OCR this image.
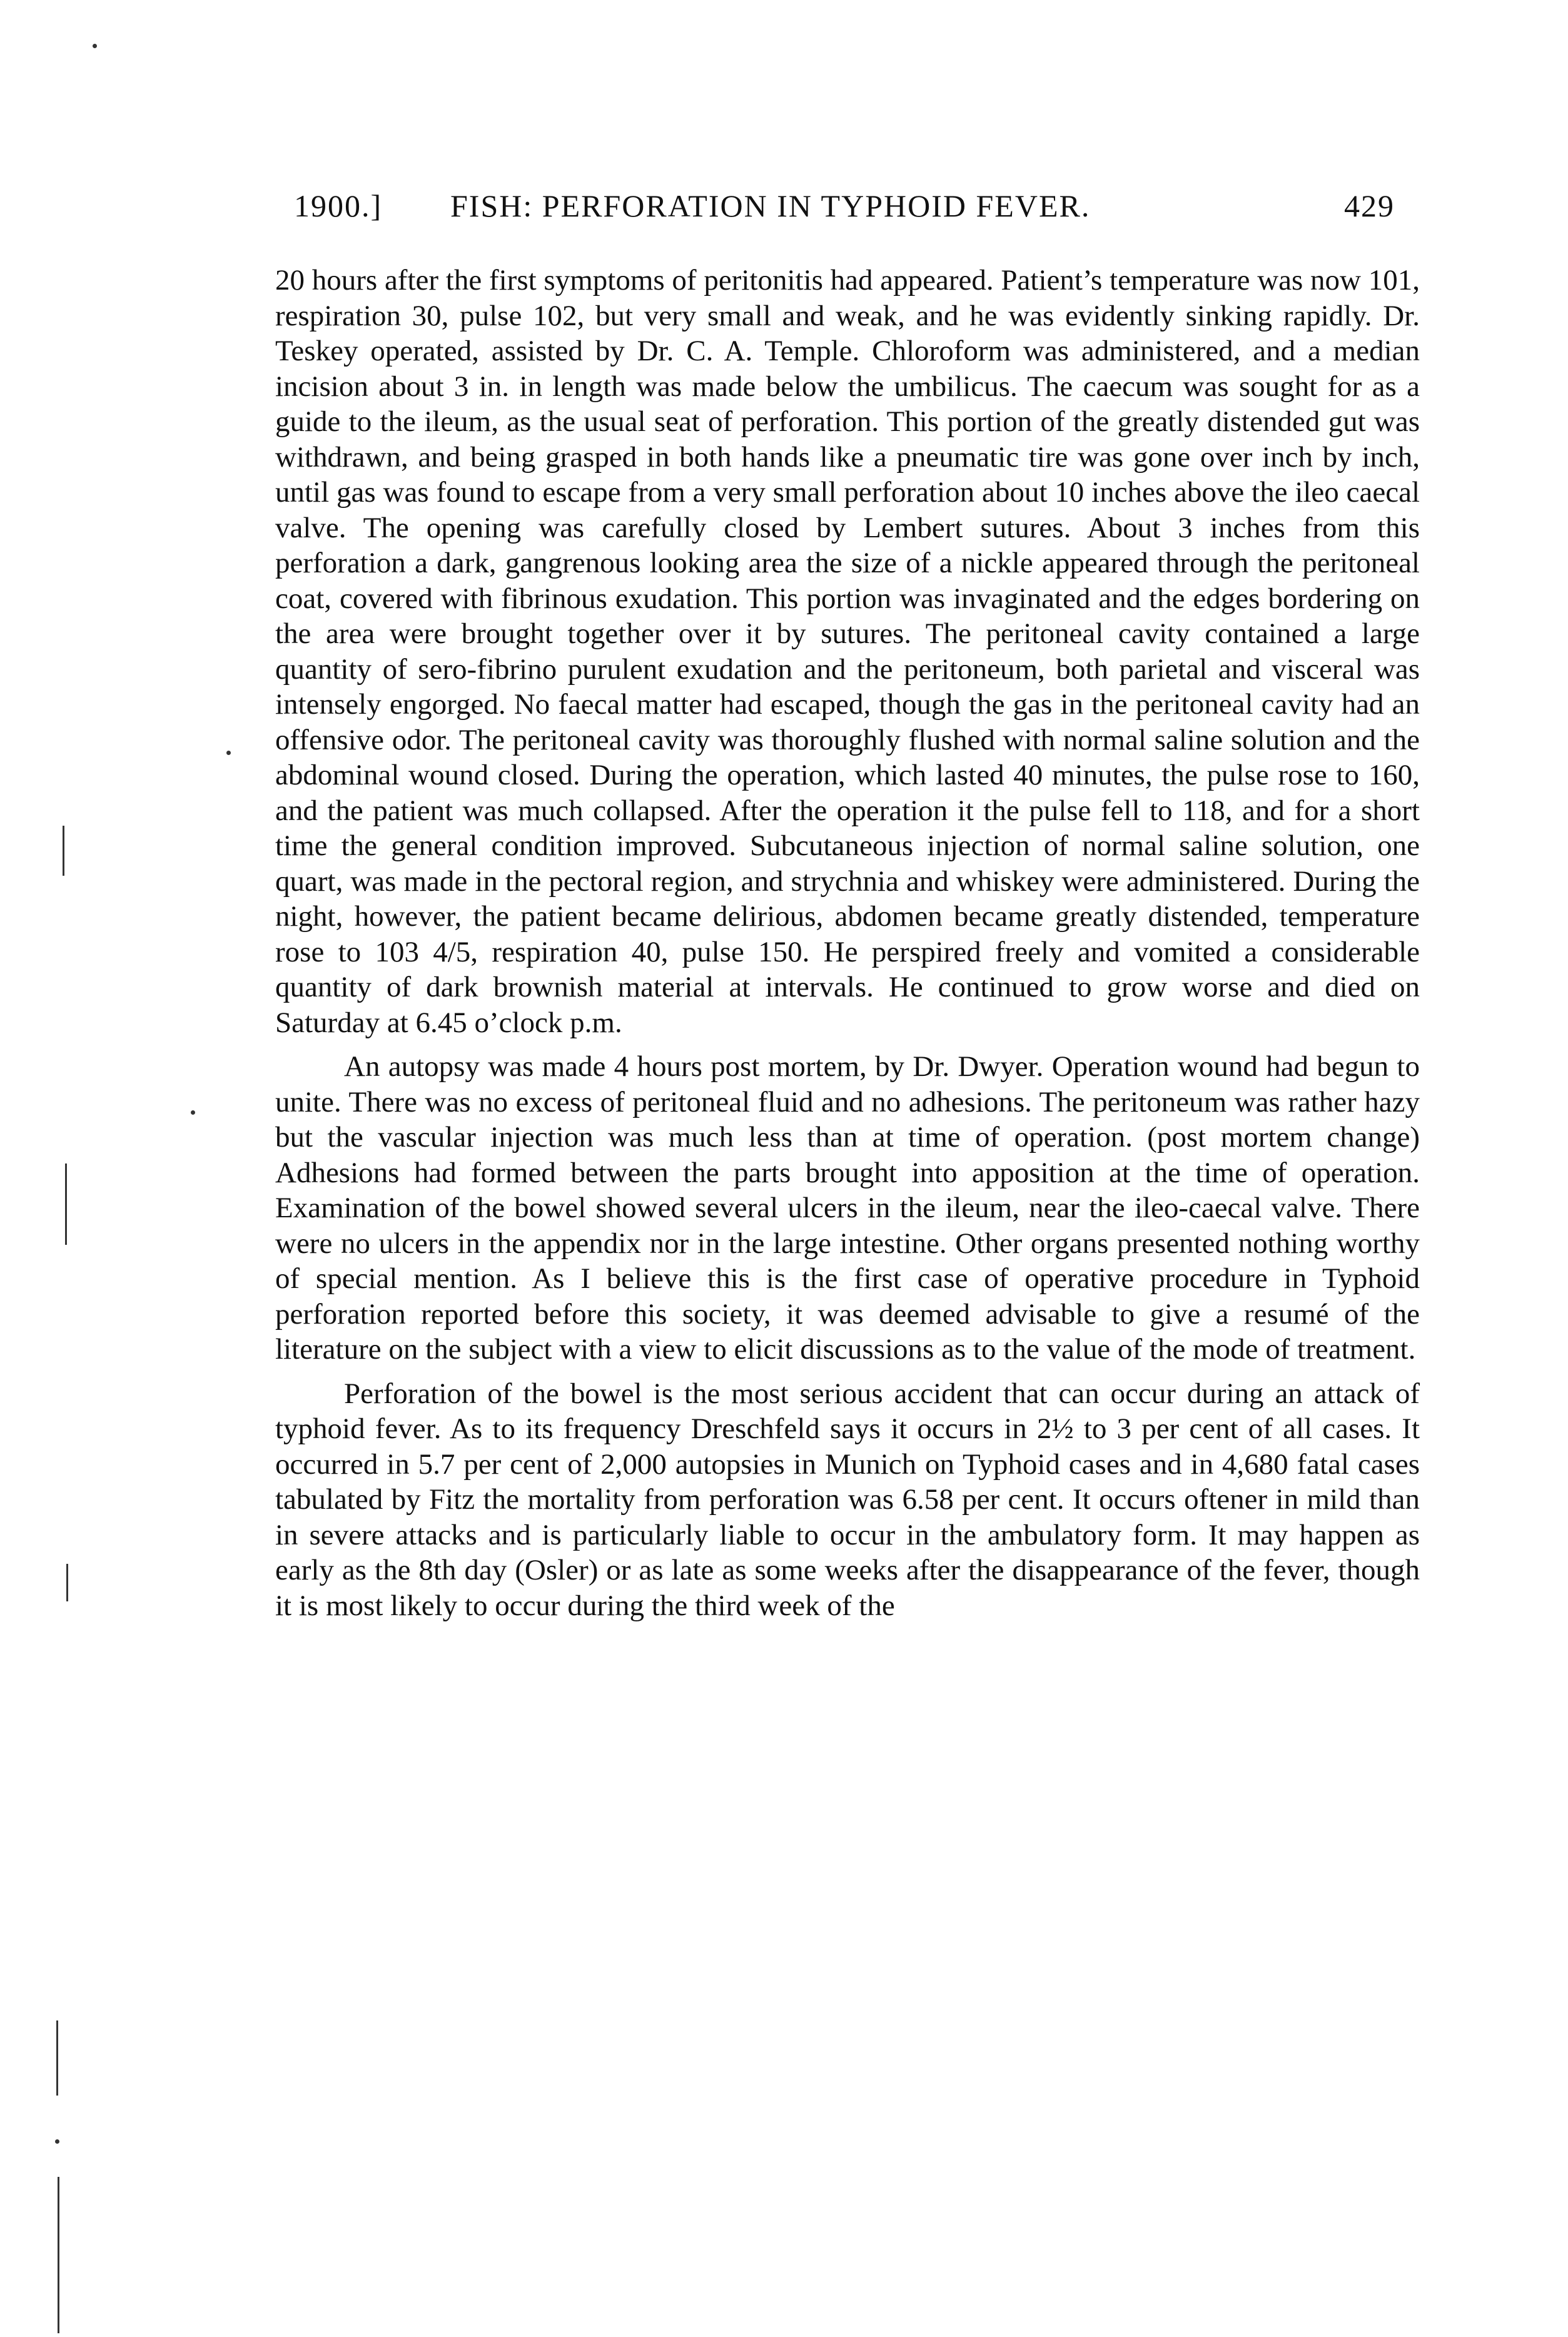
1900.] FISH: PERFORATION IN TYPHOID FEVER.	429

20 hours after the first symptoms of peritonitis had appeared. Patient’s temperature was now 101, respiration 30, pulse 102, but very small and weak, and he was evidently sinking rapidly. Dr. Teskey operated, assisted by Dr. C. A. Temple. Chloroform was administered, and a median incision about 3 in. in length was made below the umbilicus. The caecum was sought for as a guide to the ileum, as the usual seat of perforation. This portion of the greatly distended gut was withdrawn, and being grasped in both hands like a pneumatic tire was gone over inch by inch, until gas was found to escape from a very small perforation about 10 inches above the ileo caecal valve. The opening was carefully closed by Lembert sutures. About 3 inches from this perforation a dark, gangrenous looking area the size of a nickle appeared through the peritoneal coat, covered with fibrinous exudation. This portion was invaginated and the edges bordering on the area were brought together over it by sutures. The peritoneal cavity contained a large quantity of sero-fibrino purulent exudation and the peritoneum, both parietal and visceral was intensely engorged. No faecal matter had escaped, though the gas in the peritoneal cavity had an offensive odor. The peritoneal cavity was thoroughly flushed with normal saline solution and the abdominal wound closed. During the operation, which lasted 40 minutes, the pulse rose to 160, and the patient was much collapsed. After the operation it the pulse fell to 118, and for a short time the general condition improved. Subcutaneous injection of normal saline solution, one quart, was made in the pectoral region, and strychnia and whiskey were administered. During the night, however, the patient became delirious, abdomen became greatly distended, temperature rose to 103 4/5, respiration 40, pulse 150. He perspired freely and vomited a considerable quantity of dark brownish material at intervals. He continued to grow worse and died on Saturday at 6.45 o’clock p.m.

An autopsy was made 4 hours post mortem, by Dr. Dwyer. Operation wound had begun to unite. There was no excess of peritoneal fluid and no adhesions. The peritoneum was rather hazy but the vascular injection was much less than at time of operation. (post mortem change) Adhesions had formed between the parts brought into apposition at the time of operation. Examination of the bowel showed several ulcers in the ileum, near the ileo-caecal valve. There were no ulcers in the appendix nor in the large intestine. Other organs presented nothing worthy of special mention. As I believe this is the first case of operative procedure in Typhoid perforation reported before this society, it was deemed advisable to give a resumé of the literature on the subject with a view to elicit discussions as to the value of the mode of treatment.

Perforation of the bowel is the most serious accident that can occur during an attack of typhoid fever. As to its frequency Dreschfeld says it occurs in 2½ to 3 per cent of all cases. It occurred in 5.7 per cent of 2,000 autopsies in Munich on Typhoid cases and in 4,680 fatal cases tabulated by Fitz the mortality from perforation was 6.58 per cent. It occurs oftener in mild than in severe attacks and is particularly liable to occur in the ambulatory form. It may happen as early as the 8th day (Osler) or as late as some weeks after the disappearance of the fever, though it is most likely to occur during the third week of the
